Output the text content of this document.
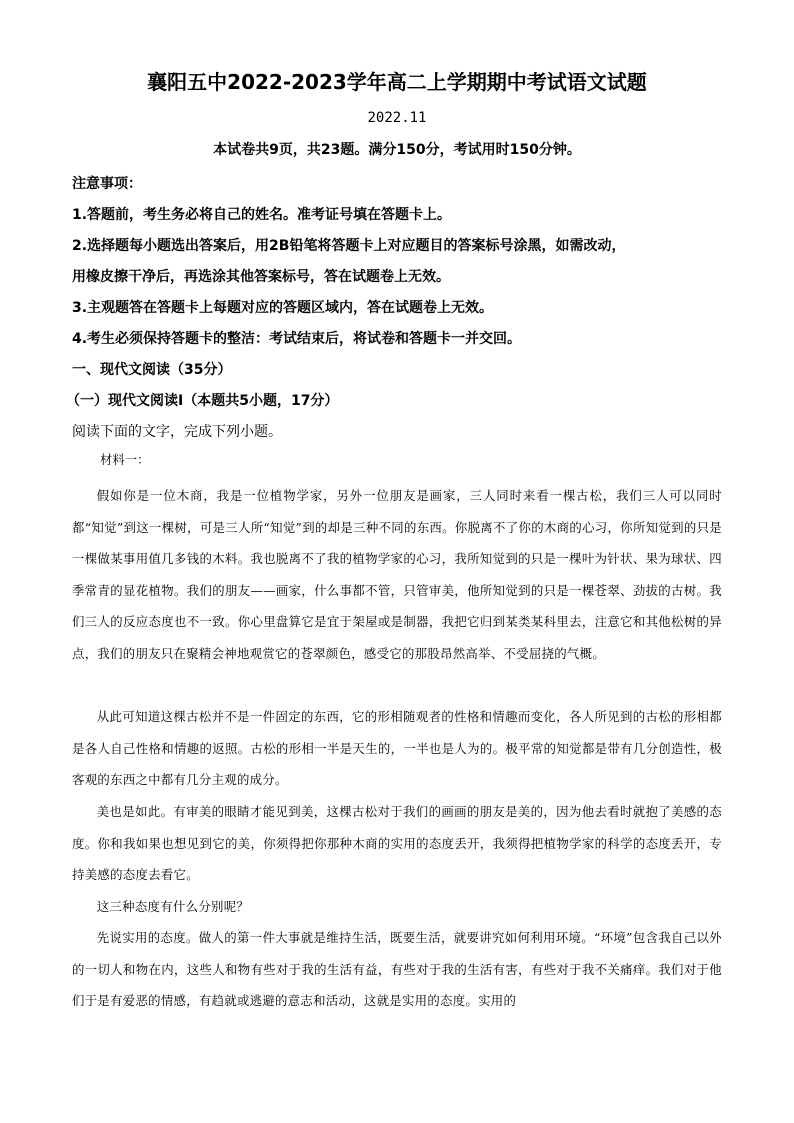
襄阳五中2022-2023学年高二上学期期中考试语文试题
2022.11
本试卷共9页，共23题。满分150分，考试用时150分钟。
注意事项：
1.答题前，考生务必将自己的姓名。准考证号填在答题卡上。
2.选择题每小题选出答案后，用2B铅笔将答题卡上对应题目的答案标号涂黑，如需改动，
用橡皮擦干净后，再选涂其他答案标号，答在试题卷上无效。
3.主观题答在答题卡上每题对应的答题区域内，答在试题卷上无效。
4.考生必须保持答题卡的整洁：考试结束后，将试卷和答题卡一并交回。
一、现代文阅读（35分）
（一）现代文阅读Ⅰ（本题共5小题，17分）
阅读下面的文字，完成下列小题。
材料一：
假如你是一位木商，我是一位植物学家，另外一位朋友是画家，三人同时来看一棵古松，我们三人可以同时都“知觉”到这一棵树，可是三人所“知觉”到的却是三种不同的东西。你脱离不了你的木商的心习，你所知觉到的只是一棵做某事用值几多钱的木料。我也脱离不了我的植物学家的心习，我所知觉到的只是一棵叶为针状、果为球状、四季常青的显花植物。我们的朋友——画家，什么事都不管，只管审美，他所知觉到的只是一棵苍翠、劲拔的古树。我们三人的反应态度也不一致。你心里盘算它是宜于架屋或是制器，我把它归到某类某科里去，注意它和其他松树的异点，我们的朋友只在聚精会神地观赏它的苍翠颜色，感受它的那股昂然高举、不受屈挠的气概。
从此可知道这棵古松并不是一件固定的东西，它的形相随观者的性格和情趣而变化，各人所见到的古松的形相都是各人自己性格和情趣的返照。古松的形相一半是天生的，一半也是人为的。极平常的知觉都是带有几分创造性，极客观的东西之中都有几分主观的成分。
美也是如此。有审美的眼睛才能见到美，这棵古松对于我们的画画的朋友是美的，因为他去看时就抱了美感的态度。你和我如果也想见到它的美，你须得把你那种木商的实用的态度丢开，我须得把植物学家的科学的态度丢开，专持美感的态度去看它。
这三种态度有什么分别呢？
先说实用的态度。做人的第一件大事就是维持生活，既要生活，就要讲究如何利用环境。“环境”包含我自己以外的一切人和物在内，这些人和物有些对于我的生活有益，有些对于我的生活有害，有些对于我不关痛痒。我们对于他们于是有爱恶的情感，有趋就或逃避的意志和活动，这就是实用的态度。实用的
